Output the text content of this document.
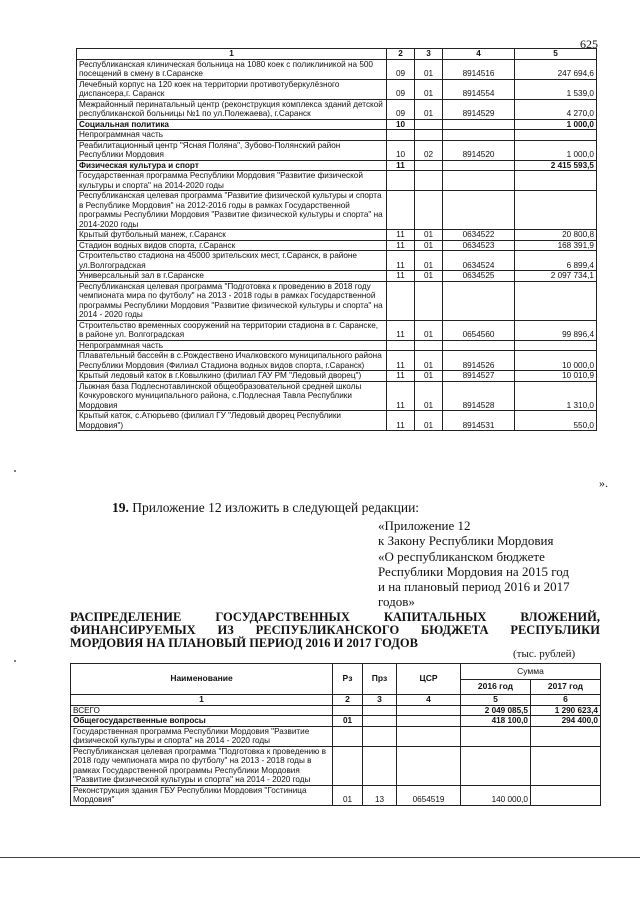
625
1	2	3	4	5
Республиканская клиническая больница на 1080 коек с поликлиникой на 500 посещений в смену в г.Саранске	09	01	8914516	247 694,6
Лечебный корпус на 120 коек на территории противотуберкулёзного диспансера,г. Саранск	09	01	8914554	1 539,0
Межрайонный перинатальный центр (реконструкция комплекса зданий детской республиканской больницы №1 по ул.Полежаева), г.Саранск	09	01	8914529	4 270,0
Социальная политика	10			1 000,0
Непрограммная часть				
Реабилитационный центр "Ясная Поляна", Зубово-Полянский район Республики Мордовия	10	02	8914520	1 000,0
Физическая культура и спорт	11			2 415 593,5
Государственная программа Республики Мордовия "Развитие физической культуры и спорта" на 2014-2020 годы				
Республиканская целевая программа "Развитие физической культуры и спорта в Республике Мордовия" на 2012-2016 годы в рамках Государственной программы Республики Мордовия "Развитие физической культуры и спорта" на 2014-2020 годы				
Крытый футбольный манеж, г.Саранск	11	01	0634522	20 800,8
Стадион водных видов спорта, г.Саранск	11	01	0634523	168 391,9
Строительство стадиона на 45000 зрительских мест, г.Саранск, в районе ул.Волгоградская	11	01	0634524	6 899,4
Универсальный зал в г.Саранске	11	01	0634525	2 097 734,1
Республиканская целевая программа "Подготовка к проведению в 2018 году чемпионата мира по футболу" на 2013 - 2018 годы в рамках Государственной программы Республики Мордовия "Развитие физической культуры и спорта" на 2014 - 2020 годы				
Строительство временных сооружений на территории стадиона в г. Саранске, в районе ул. Волгоградская	11	01	0654560	99 896,4
Непрограммная часть				
Плавательный бассейн в с.Рождествено Ичалковского муниципального района Республики Мордовия (Филиал Стадиона водных видов спорта, г.Саранск)	11	01	8914526	10 000,0
Крытый ледовый каток в г.Ковылкино (филиал ГАУ РМ "Ледовый дворец")	11	01	8914527	10 010,9
Лыжная база Подлеснотавлинской общеобразовательной средней школы Кочкуровского муниципального района, с.Подлесная Тавла Республики Мордовия	11	01	8914528	1 310,0
Крытый каток, с.Атюрьево (филиал ГУ "Ледовый дворец Республики Мордовия")	11	01	8914531	550,0
».
19. Приложение 12 изложить в следующей редакции:
«Приложение 12
к Закону Республики Мордовия
«О республиканском бюджете
Республики Мордовия на 2015 год
и на плановый период 2016 и 2017
годов»
РАСПРЕДЕЛЕНИЕ ГОСУДАРСТВЕННЫХ КАПИТАЛЬНЫХ ВЛОЖЕНИЙ,
ФИНАНСИРУЕМЫХ ИЗ РЕСПУБЛИКАНСКОГО БЮДЖЕТА РЕСПУБЛИКИ
МОРДОВИЯ НА ПЛАНОВЫЙ ПЕРИОД 2016 И 2017 ГОДОВ
(тыс. рублей)
Наименование	Рз	Прз	ЦСР	Сумма	
				2016 год	2017 год
1	2	3	4	5	6
ВСЕГО				2 049 085,5	1 290 623,4
Общегосударственные вопросы	01			418 100,0	294 400,0
Государственная программа Республики Мордовия "Развитие физической культуры и спорта" на 2014 - 2020 годы					
Республиканская целевая программа "Подготовка к проведению в 2018 году чемпионата мира по футболу" на 2013 - 2018 годы в рамках Государственной программы Республики Мордовия "Развитие физической культуры и спорта" на 2014 - 2020 годы					
Реконструкция здания ГБУ Республики Мордовия "Гостиница Мордовия"	01	13	0654519	140 000,0	
